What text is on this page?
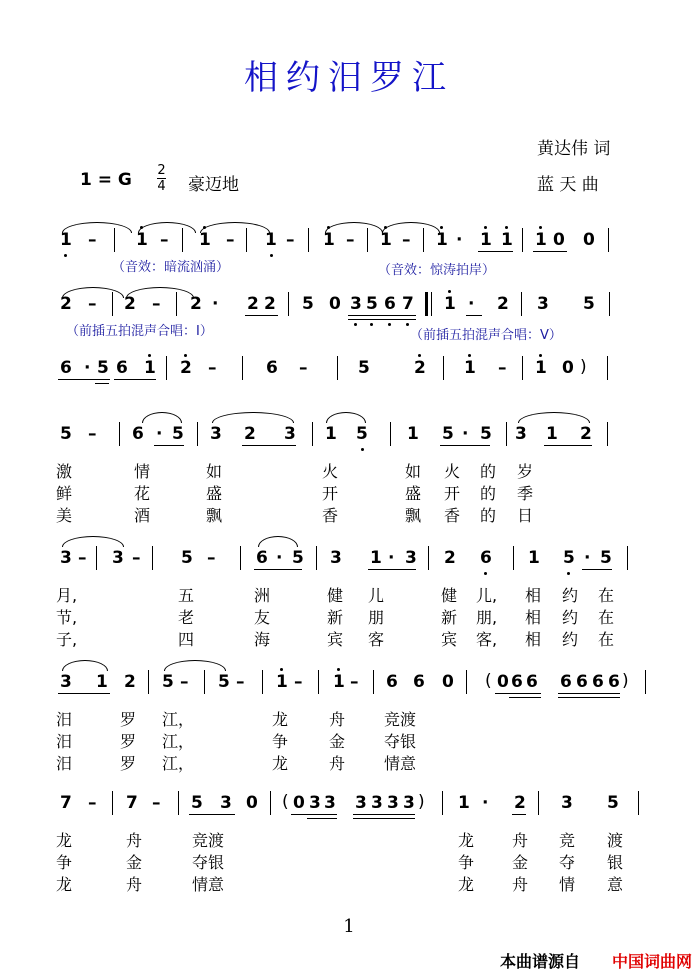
相约汨罗江
黄达伟 词
蓝 天 曲
1 = G 2
4 豪迈地
（音效：暗流汹涌）	（音效：惊涛拍岸）
（前插五拍混声合唱：Ⅰ）	（前插五拍混声合唱：Ⅴ）
1 – 1 – 1 – 1 – 1 – 1 – 1 · 1 1 1 0 0
2 – 2 – 2 · 2 2 5 0 3 5 6 7 1 · 2 3 5
6 · 5 6 1 2 –	6 –	5	2 1 – 1 0 )
5 – 6 · 5 3 2 3 1 5 1 5 · 5 3 1 2
激	情	如	火	如 火 的 岁
鲜	花	盛	开	盛 开 的 季
美	酒	飘	香	飘 香 的 日
3 – 3 – 5 – 6 · 5 3 1 · 3 2 6 1 5 · 5
月,	五	洲	健 儿	健 儿, 相 约 在
节,	老	友	新 朋	新 朋, 相 约 在
子,	四	海	宾 客	宾 客, 相 约 在
3 1 2 5 – 5 – 1 – 1 – 6 6 0 ( 0 6 6 6 6 6 6 )
汨	罗 江，	龙	舟 竞渡
汨	罗 江，	争	金 夺银
汨	罗 江，	龙	舟 情意
7 – 7 – 5 3 0 ( 0 3 3 3 3 3 3 ) 1 · 2 3 5
龙	舟	竞渡	龙 舟 竞 渡
争	金	夺银	争 金 夺 银
龙	舟	情意	龙 舟 情 意
1
本曲谱源自 中国词曲网
